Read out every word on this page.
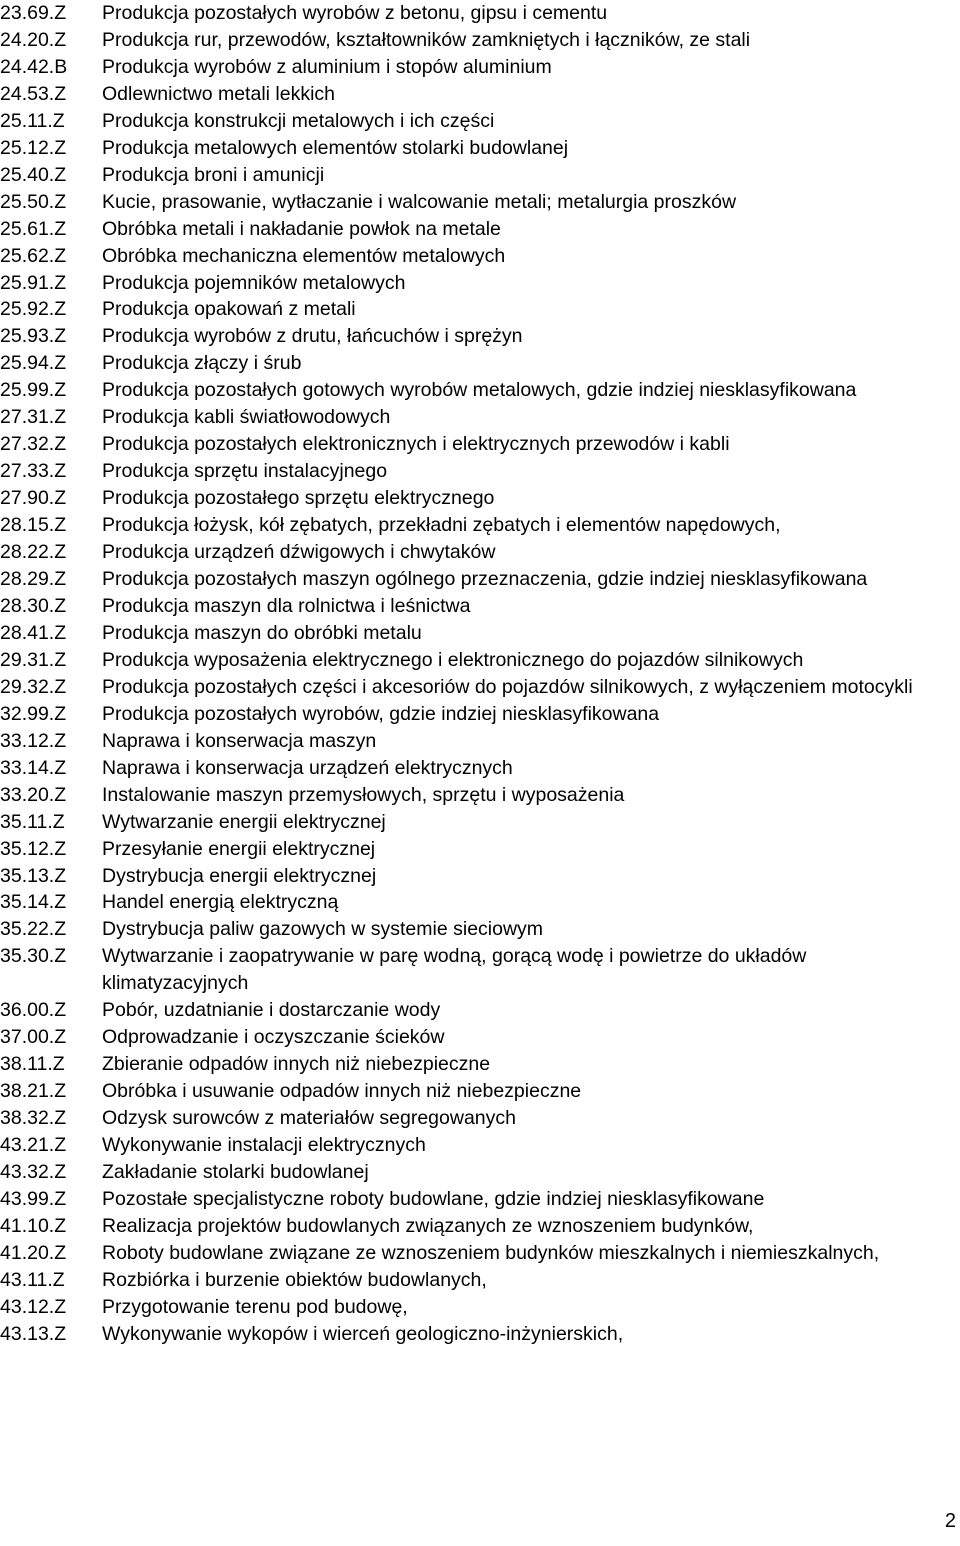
23.69.Z	Produkcja pozostałych wyrobów z betonu, gipsu i cementu
24.20.Z	Produkcja rur, przewodów, kształtowników zamkniętych i łączników, ze stali
24.42.B	Produkcja wyrobów z aluminium i stopów aluminium
24.53.Z	Odlewnictwo metali lekkich
25.11.Z	Produkcja konstrukcji metalowych i ich części
25.12.Z	Produkcja metalowych elementów stolarki budowlanej
25.40.Z	Produkcja broni i amunicji
25.50.Z	Kucie, prasowanie, wytłaczanie i walcowanie metali; metalurgia proszków
25.61.Z	Obróbka metali i nakładanie powłok na metale
25.62.Z	Obróbka mechaniczna elementów metalowych
25.91.Z	Produkcja pojemników metalowych
25.92.Z	Produkcja opakowań z metali
25.93.Z	Produkcja wyrobów z drutu, łańcuchów i sprężyn
25.94.Z	Produkcja złączy i śrub
25.99.Z	Produkcja pozostałych gotowych wyrobów metalowych, gdzie indziej niesklasyfikowana
27.31.Z	Produkcja kabli światłowodowych
27.32.Z	Produkcja pozostałych elektronicznych i elektrycznych przewodów i kabli
27.33.Z	Produkcja sprzętu instalacyjnego
27.90.Z	Produkcja pozostałego sprzętu elektrycznego
28.15.Z	Produkcja łożysk, kół zębatych, przekładni zębatych i elementów napędowych,
28.22.Z	Produkcja urządzeń dźwigowych i chwytaków
28.29.Z	Produkcja pozostałych maszyn ogólnego przeznaczenia, gdzie indziej niesklasyfikowana
28.30.Z	Produkcja maszyn dla rolnictwa i leśnictwa
28.41.Z	Produkcja maszyn do obróbki metalu
29.31.Z	Produkcja wyposażenia elektrycznego i elektronicznego do pojazdów silnikowych
29.32.Z	Produkcja pozostałych części i akcesoriów do pojazdów silnikowych, z wyłączeniem motocykli
32.99.Z	Produkcja pozostałych wyrobów, gdzie indziej niesklasyfikowana
33.12.Z	Naprawa i konserwacja maszyn
33.14.Z	Naprawa i konserwacja urządzeń elektrycznych
33.20.Z	Instalowanie maszyn przemysłowych, sprzętu i wyposażenia
35.11.Z	Wytwarzanie energii elektrycznej
35.12.Z	Przesyłanie energii elektrycznej
35.13.Z	Dystrybucja energii elektrycznej
35.14.Z	Handel energią elektryczną
35.22.Z	Dystrybucja paliw gazowych w systemie sieciowym
35.30.Z	Wytwarzanie i zaopatrywanie w parę wodną, gorącą wodę i powietrze do układów klimatyzacyjnych
36.00.Z	Pobór, uzdatnianie i dostarczanie wody
37.00.Z	Odprowadzanie i oczyszczanie ścieków
38.11.Z	Zbieranie odpadów innych niż niebezpieczne
38.21.Z	Obróbka i usuwanie odpadów innych niż niebezpieczne
38.32.Z	Odzysk surowców z materiałów segregowanych
43.21.Z	Wykonywanie instalacji elektrycznych
43.32.Z	Zakładanie stolarki budowlanej
43.99.Z	Pozostałe specjalistyczne roboty budowlane, gdzie indziej niesklasyfikowane
41.10.Z	Realizacja projektów budowlanych związanych ze wznoszeniem budynków,
41.20.Z	Roboty budowlane związane ze wznoszeniem budynków mieszkalnych i niemieszkalnych,
43.11.Z	Rozbiórka i burzenie obiektów budowlanych,
43.12.Z	Przygotowanie terenu pod budowę,
43.13.Z	Wykonywanie wykopów i wierceń geologiczno-inżynierskich,
2
